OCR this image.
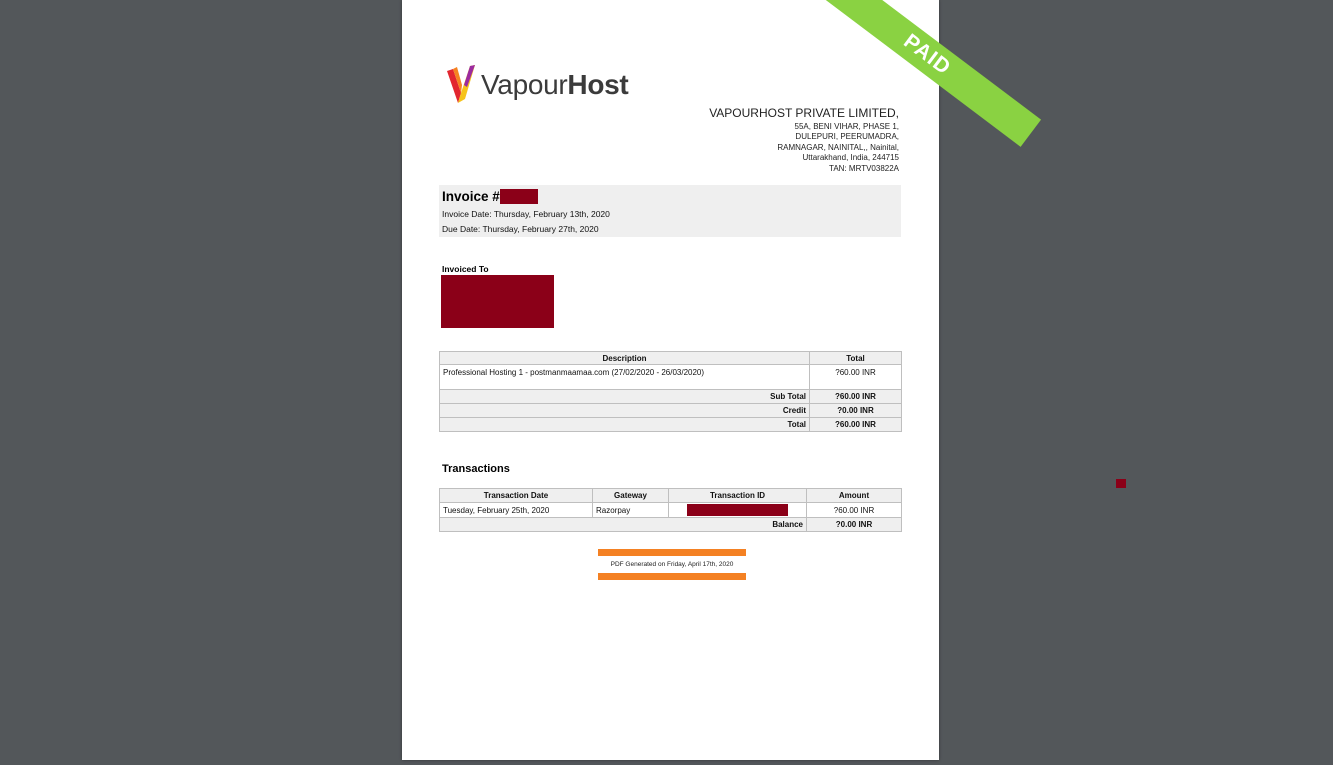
PAID
VapourHost
VAPOURHOST PRIVATE LIMITED,
55A, BENI VIHAR, PHASE 1,
DULEPURI, PEERUMADRA,
RAMNAGAR, NAINITAL,, Nainital,
Uttarakhand, India, 244715
TAN: MRTV03822A
Invoice #
Invoice Date: Thursday, February 13th, 2020
Due Date: Thursday, February 27th, 2020
Invoiced To
Description	Total
Professional Hosting 1 - postmanmaamaa.com (27/02/2020 - 26/03/2020)	?60.00 INR
Sub Total	?60.00 INR
Credit	?0.00 INR
Total	?60.00 INR
Transactions
Transaction Date	Gateway	Transaction ID	Amount
Tuesday, February 25th, 2020	Razorpay		?60.00 INR
Balance			?0.00 INR
PDF Generated on Friday, April 17th, 2020
